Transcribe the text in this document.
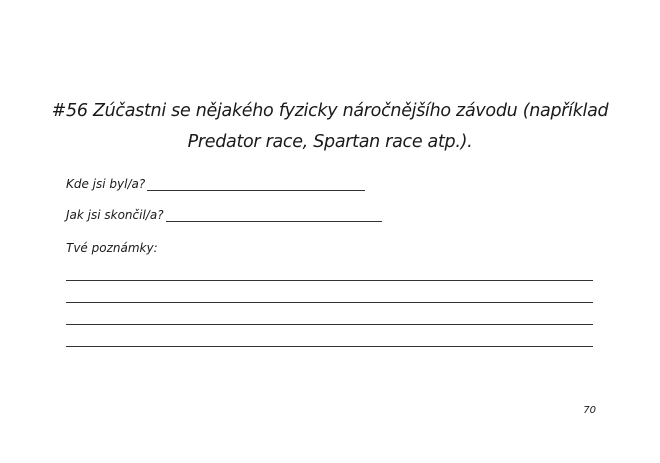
#56 Zúčastni se nějakého fyzicky náročnějšího závodu (například Predator race, Spartan race atp.).
Kde jsi byl/a?
Jak jsi skončil/a?
Tvé poznámky:
70
